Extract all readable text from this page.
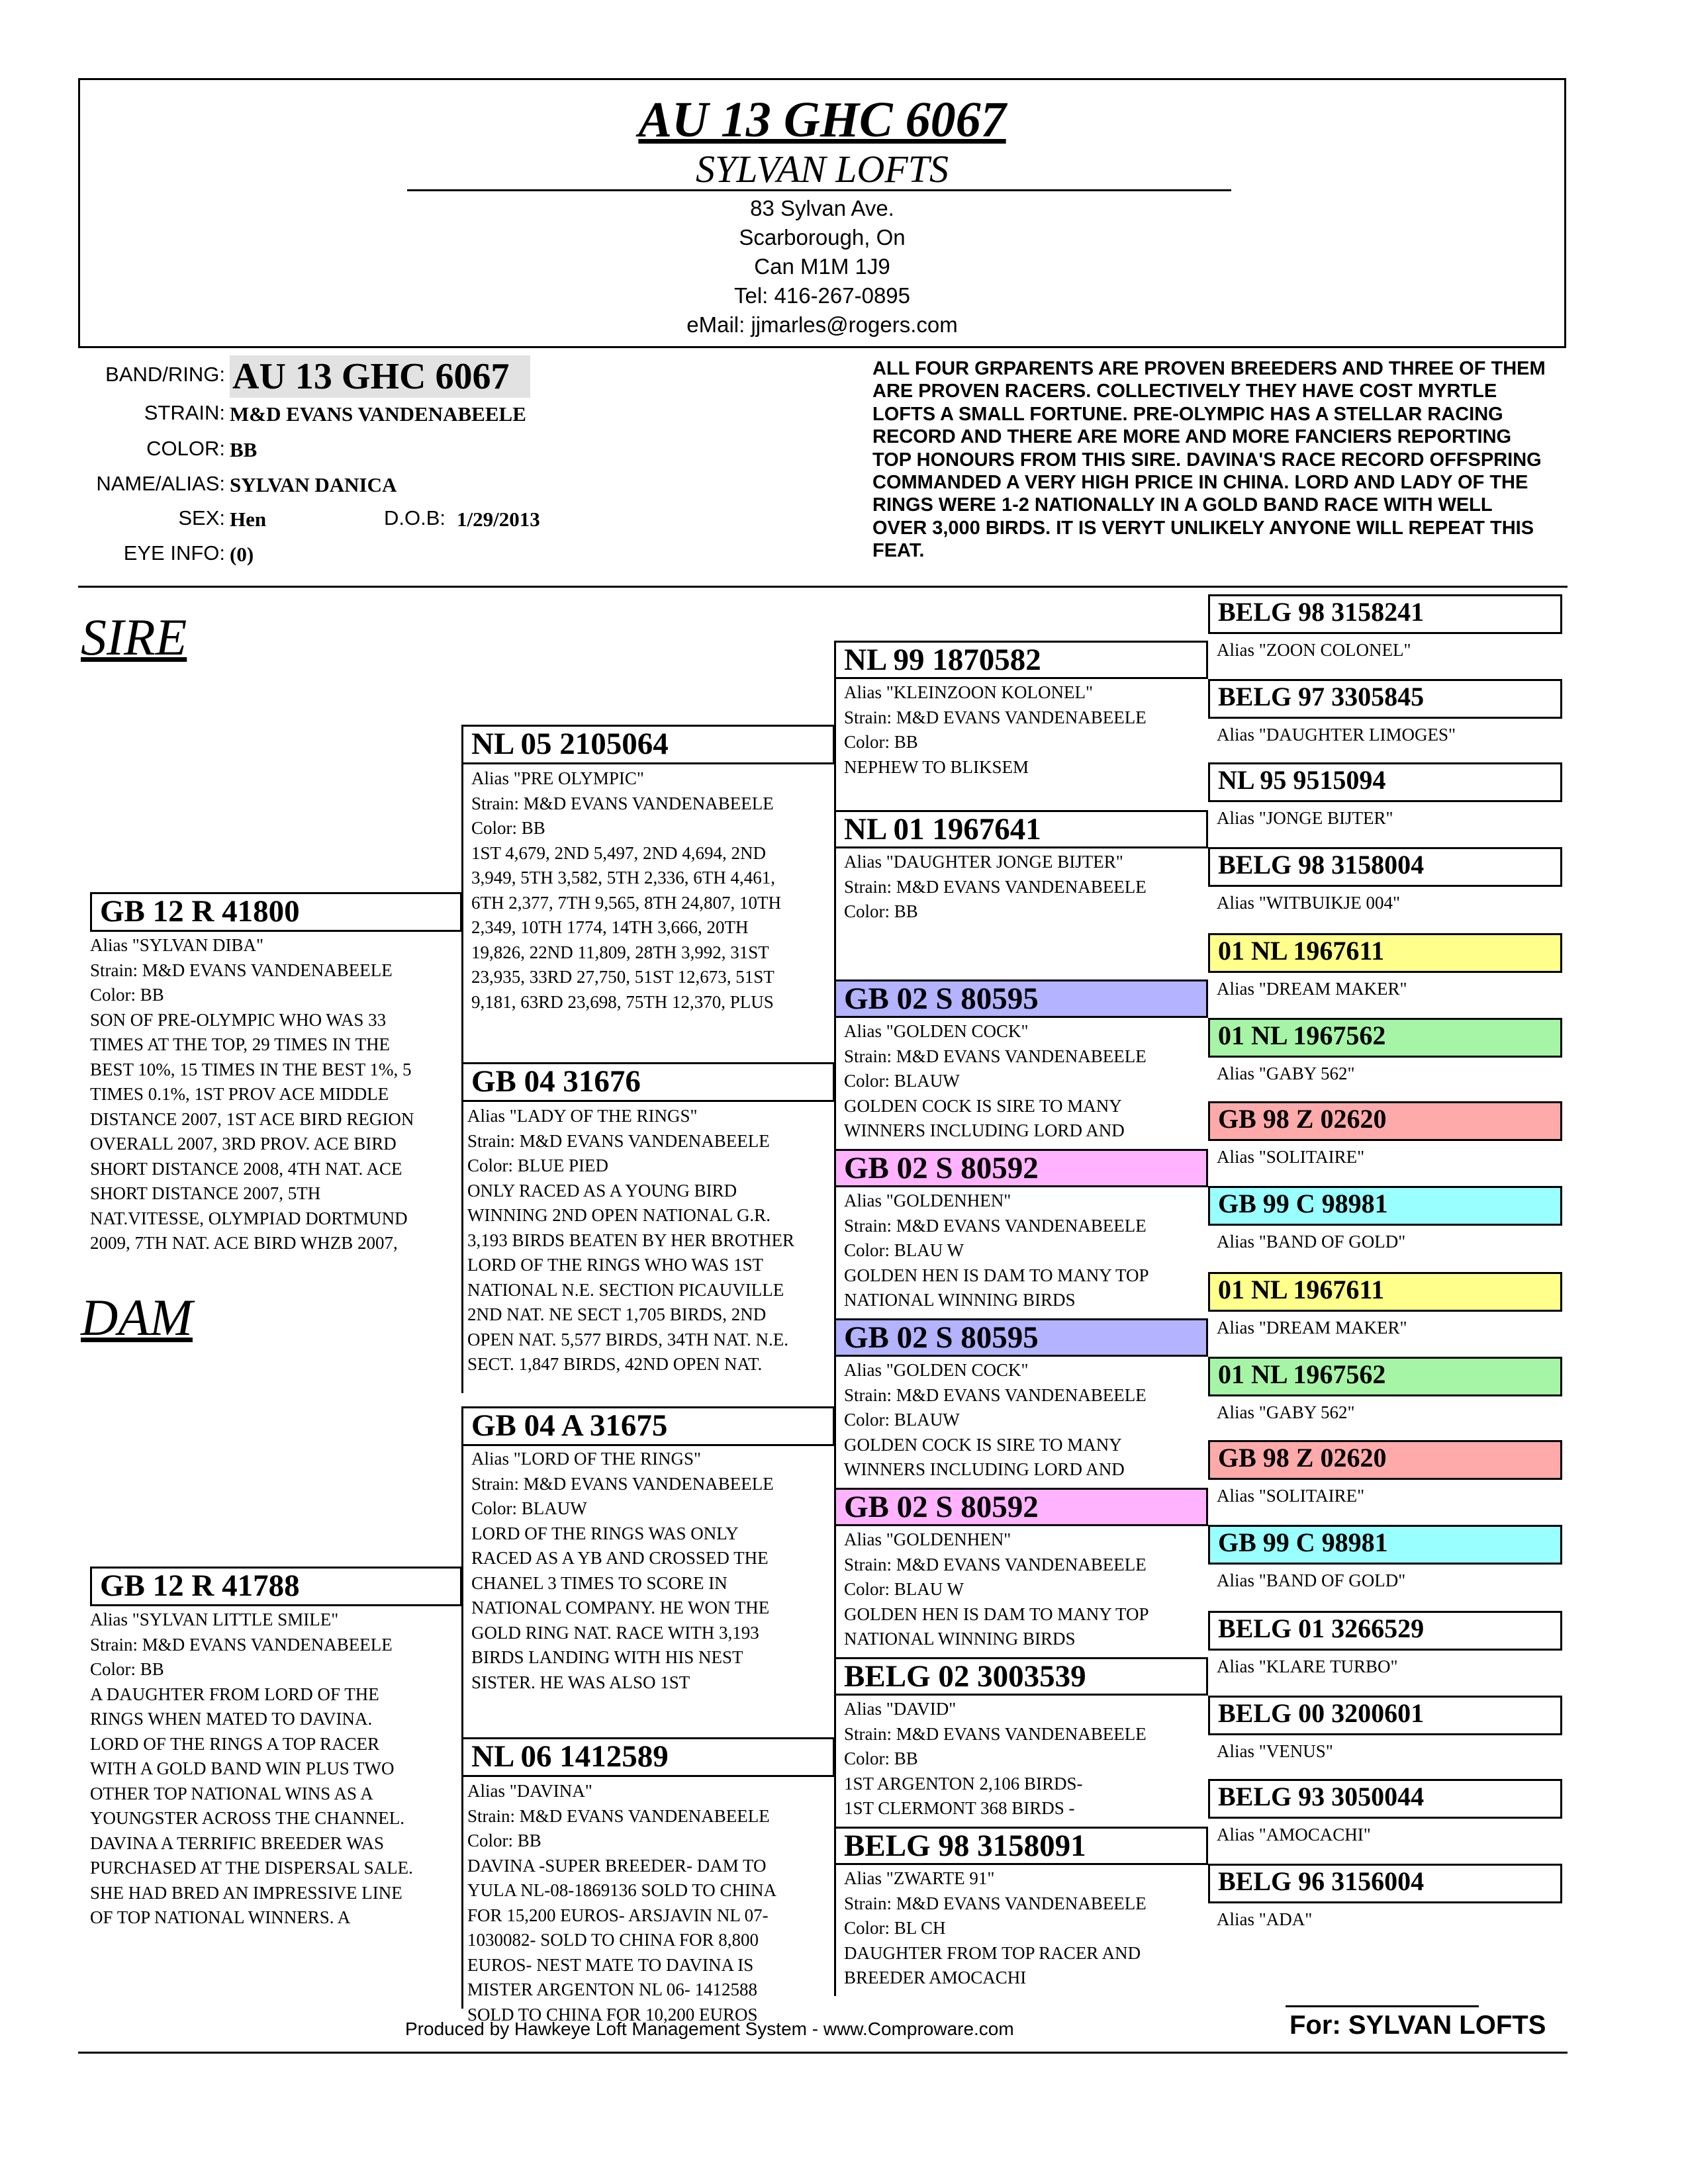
AU 13 GHC 6067
SYLVAN LOFTS
83 Sylvan Ave.
Scarborough, On
Can M1M 1J9
Tel: 416-267-0895
eMail: jjmarles@rogers.com
BAND/RING: AU 13 GHC 6067
STRAIN: M&D EVANS VANDENABEELE
COLOR: BB
NAME/ALIAS: SYLVAN DANICA
SEX: Hen	D.O.B: 1/29/2013
EYE INFO: (0)
ALL FOUR GRPARENTS ARE PROVEN BREEDERS AND THREE OF THEM
ARE PROVEN RACERS. COLLECTIVELY THEY HAVE COST MYRTLE
LOFTS A SMALL FORTUNE. PRE-OLYMPIC HAS A STELLAR RACING
RECORD AND THERE ARE MORE AND MORE FANCIERS REPORTING
TOP HONOURS FROM THIS SIRE. DAVINA'S RACE RECORD OFFSPRING
COMMANDED A VERY HIGH PRICE IN CHINA. LORD AND LADY OF THE
RINGS WERE 1-2 NATIONALLY IN A GOLD BAND RACE WITH WELL
OVER 3,000 BIRDS. IT IS VERYT UNLIKELY ANYONE WILL REPEAT THIS
FEAT.
SIRE
DAM
GB 12 R 41800
Alias "SYLVAN DIBA"
Strain: M&D EVANS VANDENABEELE
Color: BB
SON OF PRE-OLYMPIC WHO WAS 33
TIMES AT THE TOP, 29 TIMES IN THE
BEST 10%, 15 TIMES IN THE BEST 1%, 5
TIMES 0.1%, 1ST PROV ACE MIDDLE
DISTANCE 2007, 1ST ACE BIRD REGION
OVERALL 2007, 3RD PROV. ACE BIRD
SHORT DISTANCE 2008, 4TH NAT. ACE
SHORT DISTANCE 2007, 5TH
NAT.VITESSE, OLYMPIAD DORTMUND
2009, 7TH NAT. ACE BIRD WHZB 2007,
GB 12 R 41788
Alias "SYLVAN LITTLE SMILE"
Strain: M&D EVANS VANDENABEELE
Color: BB
A DAUGHTER FROM LORD OF THE
RINGS WHEN MATED TO DAVINA.
LORD OF THE RINGS A TOP RACER
WITH A GOLD BAND WIN PLUS TWO
OTHER TOP NATIONAL WINS AS A
YOUNGSTER ACROSS THE CHANNEL.
DAVINA A TERRIFIC BREEDER WAS
PURCHASED AT THE DISPERSAL SALE.
SHE HAD BRED AN IMPRESSIVE LINE
OF TOP NATIONAL WINNERS. A
NL 05 2105064
Alias "PRE OLYMPIC"
Strain: M&D EVANS VANDENABEELE
Color: BB
1ST 4,679, 2ND 5,497, 2ND 4,694, 2ND
3,949, 5TH 3,582, 5TH 2,336, 6TH 4,461,
6TH 2,377, 7TH 9,565, 8TH 24,807, 10TH
2,349, 10TH 1774, 14TH 3,666, 20TH
19,826, 22ND 11,809, 28TH 3,992, 31ST
23,935, 33RD 27,750, 51ST 12,673, 51ST
9,181, 63RD 23,698, 75TH 12,370, PLUS
GB 04 31676
Alias "LADY OF THE RINGS"
Strain: M&D EVANS VANDENABEELE
Color: BLUE PIED
ONLY RACED AS A YOUNG BIRD
WINNING 2ND OPEN NATIONAL G.R.
3,193 BIRDS BEATEN BY HER BROTHER
LORD OF THE RINGS WHO WAS 1ST
NATIONAL N.E. SECTION PICAUVILLE
2ND NAT. NE SECT 1,705 BIRDS, 2ND
OPEN NAT. 5,577 BIRDS, 34TH NAT. N.E.
SECT. 1,847 BIRDS, 42ND OPEN NAT.
GB 04 A 31675
Alias "LORD OF THE RINGS"
Strain: M&D EVANS VANDENABEELE
Color: BLAUW
LORD OF THE RINGS WAS ONLY
RACED AS A YB AND CROSSED THE
CHANEL 3 TIMES TO SCORE IN
NATIONAL COMPANY. HE WON THE
GOLD RING NAT. RACE WITH 3,193
BIRDS LANDING WITH HIS NEST
SISTER. HE WAS ALSO 1ST
NL 06 1412589
Alias "DAVINA"
Strain: M&D EVANS VANDENABEELE
Color: BB
DAVINA -SUPER BREEDER- DAM TO
YULA NL-08-1869136 SOLD TO CHINA
FOR 15,200 EUROS- ARSJAVIN NL 07-
1030082- SOLD TO CHINA FOR 8,800
EUROS- NEST MATE TO DAVINA IS
MISTER ARGENTON NL 06- 1412588
SOLD TO CHINA FOR 10,200 EUROS
NL 99 1870582
Alias "KLEINZOON KOLONEL"
Strain: M&D EVANS VANDENABEELE
Color: BB
NEPHEW TO BLIKSEM
NL 01 1967641
Alias "DAUGHTER JONGE BIJTER"
Strain: M&D EVANS VANDENABEELE
Color: BB
GB 02 S 80595
Alias "GOLDEN COCK"
Strain: M&D EVANS VANDENABEELE
Color: BLAUW
GOLDEN COCK IS SIRE TO MANY
WINNERS INCLUDING LORD AND
GB 02 S 80592
Alias "GOLDENHEN"
Strain: M&D EVANS VANDENABEELE
Color: BLAU W
GOLDEN HEN IS DAM TO MANY TOP
NATIONAL WINNING BIRDS
GB 02 S 80595
Alias "GOLDEN COCK"
Strain: M&D EVANS VANDENABEELE
Color: BLAUW
GOLDEN COCK IS SIRE TO MANY
WINNERS INCLUDING LORD AND
GB 02 S 80592
Alias "GOLDENHEN"
Strain: M&D EVANS VANDENABEELE
Color: BLAU W
GOLDEN HEN IS DAM TO MANY TOP
NATIONAL WINNING BIRDS
BELG 02 3003539
Alias "DAVID"
Strain: M&D EVANS VANDENABEELE
Color: BB
1ST ARGENTON 2,106 BIRDS-
1ST CLERMONT 368 BIRDS -
BELG 98 3158091
Alias "ZWARTE 91"
Strain: M&D EVANS VANDENABEELE
Color: BL CH
DAUGHTER FROM TOP RACER AND
BREEDER AMOCACHI
BELG 98 3158241
Alias "ZOON COLONEL"
BELG 97 3305845
Alias "DAUGHTER LIMOGES"
NL 95 9515094
Alias "JONGE BIJTER"
BELG 98 3158004
Alias "WITBUIKJE 004"
01 NL 1967611
Alias "DREAM MAKER"
01 NL 1967562
Alias "GABY 562"
GB 98 Z 02620
Alias "SOLITAIRE"
GB 99 C 98981
Alias "BAND OF GOLD"
01 NL 1967611
Alias "DREAM MAKER"
01 NL 1967562
Alias "GABY 562"
GB 98 Z 02620
Alias "SOLITAIRE"
GB 99 C 98981
Alias "BAND OF GOLD"
BELG 01 3266529
Alias "KLARE TURBO"
BELG 00 3200601
Alias "VENUS"
BELG 93 3050044
Alias "AMOCACHI"
BELG 96 3156004
Alias "ADA"
Produced by Hawkeye Loft Management System - www.Comproware.com	For: SYLVAN LOFTS
